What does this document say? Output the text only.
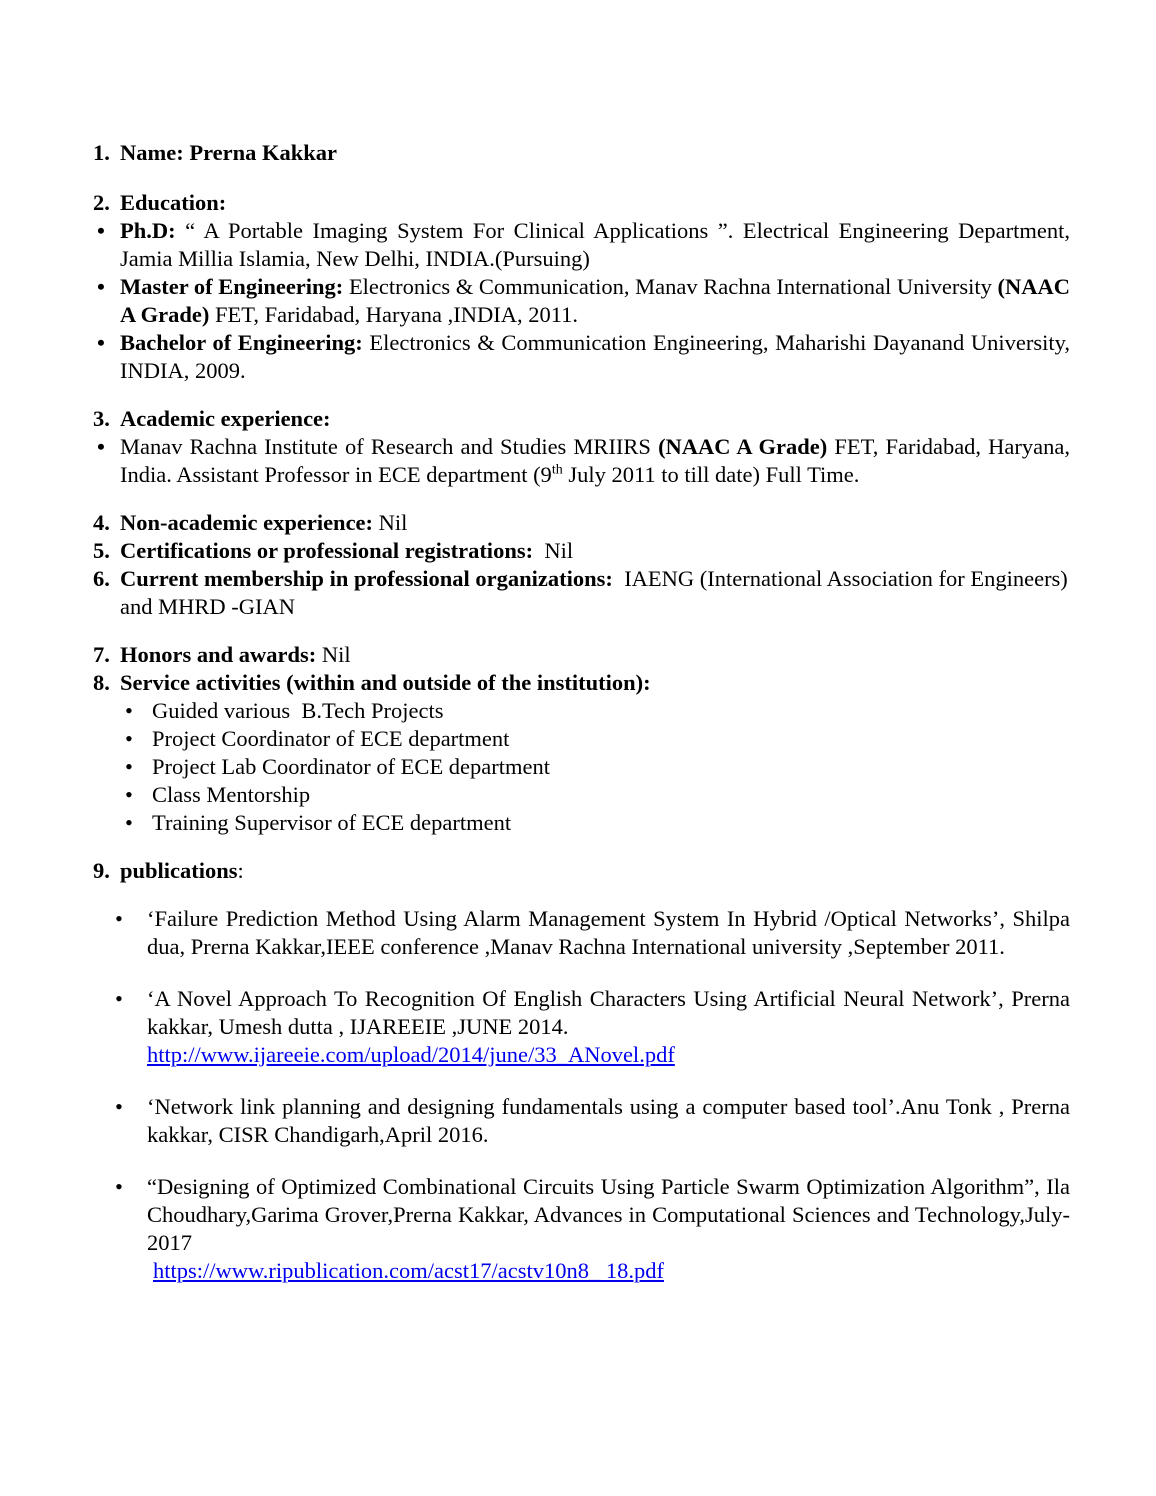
1. Name: Prerna Kakkar
2. Education:
• Ph.D: “ A Portable Imaging System For Clinical Applications ”. Electrical Engineering Department, Jamia Millia Islamia, New Delhi, INDIA.(Pursuing)
• Master of Engineering: Electronics & Communication, Manav Rachna International University (NAAC A Grade) FET, Faridabad, Haryana ,INDIA, 2011.
• Bachelor of Engineering: Electronics & Communication Engineering, Maharishi Dayanand University, INDIA, 2009.
3. Academic experience:
• Manav Rachna Institute of Research and Studies MRIIRS (NAAC A Grade) FET, Faridabad, Haryana, India. Assistant Professor in ECE department (9th July 2011 to till date) Full Time.
4. Non-academic experience: Nil
5. Certifications or professional registrations:  Nil
6. Current membership in professional organizations:  IAENG (International Association for Engineers) and MHRD -GIAN
7. Honors and awards: Nil
8. Service activities (within and outside of the institution):
• Guided various  B.Tech Projects
• Project Coordinator of ECE department
• Project Lab Coordinator of ECE department
• Class Mentorship
• Training Supervisor of ECE department
9. publications:
•	‘Failure Prediction Method Using Alarm Management System In Hybrid /Optical Networks’, Shilpa dua, Prerna Kakkar,IEEE conference ,Manav Rachna International university ,September 2011.
•	‘A Novel Approach To Recognition Of English Characters Using Artificial Neural Network’, Prerna kakkar, Umesh dutta , IJAREEIE ,JUNE 2014.
http://www.ijareeie.com/upload/2014/june/33_ANovel.pdf
•	‘Network link planning and designing fundamentals using a computer based tool’.Anu Tonk , Prerna kakkar, CISR Chandigarh,April 2016.
•	“Designing of Optimized Combinational Circuits Using Particle Swarm Optimization Algorithm”, Ila Choudhary,Garima Grover,Prerna Kakkar, Advances in Computational Sciences and Technology,July-2017
https://www.ripublication.com/acst17/acstv10n8_ 18.pdf
